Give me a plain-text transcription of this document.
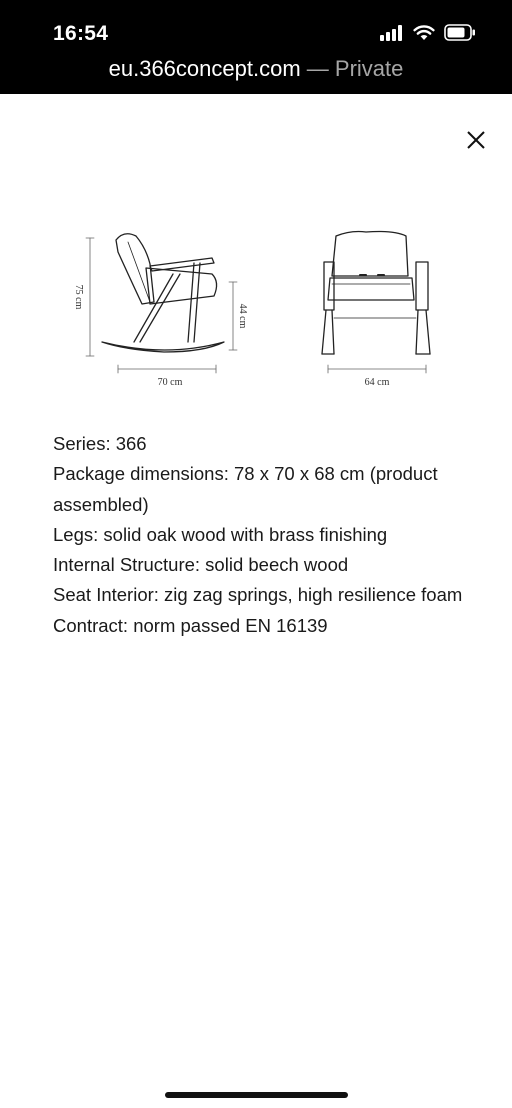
16:54
eu.366concept.com — Private
75 cm
44 cm
70 cm	64 cm

Series: 366

Package dimensions: 78 x 70 x 68 cm (product assembled)

Legs: solid oak wood with brass finishing

Internal Structure: solid beech wood

Seat Interior: zig zag springs, high resilience foam

Contract: norm passed EN 16139
